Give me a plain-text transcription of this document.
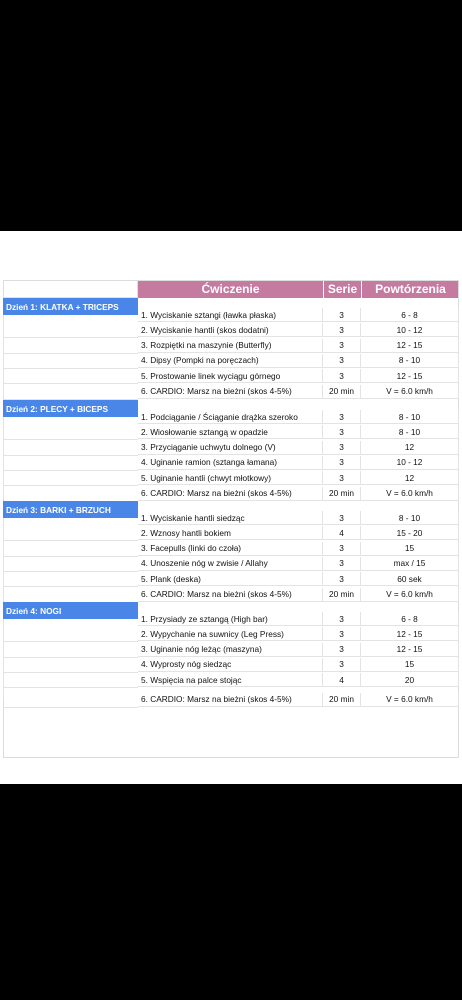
Ćwiczenie	Serie	Powtórzenia
Dzień 1: KLATKA + TRICEPS
1. Wyciskanie sztangi (ławka płaska)	3	6 - 8
2. Wyciskanie hantli (skos dodatni)	3	10 - 12
3. Rozpiętki na maszynie (Butterfly)	3	12 - 15
4. Dipsy (Pompki na poręczach)	3	8 - 10
5. Prostowanie linek wyciągu górnego	3	12 - 15
6. CARDIO: Marsz na bieżni (skos 4-5%)	20 min	V = 6.0 km/h
Dzień 2: PLECY + BICEPS
1. Podciąganie / Ściąganie drążka szeroko	3	8 - 10
2. Wiosłowanie sztangą w opadzie	3	8 - 10
3. Przyciąganie uchwytu dolnego (V)	3	12
4. Uginanie ramion (sztanga łamana)	3	10 - 12
5. Uginanie hantli (chwyt młotkowy)	3	12
6. CARDIO: Marsz na bieżni (skos 4-5%)	20 min	V = 6.0 km/h
Dzień 3: BARKI + BRZUCH
1. Wyciskanie hantli siedząc	3	8 - 10
2. Wznosy hantli bokiem	4	15 - 20
3. Facepulls (linki do czoła)	3	15
4. Unoszenie nóg w zwisie / Allahy	3	max / 15
5. Plank (deska)	3	60 sek
6. CARDIO: Marsz na bieżni (skos 4-5%)	20 min	V = 6.0 km/h
Dzień 4: NOGI
1. Przysiady ze sztangą (High bar)	3	6 - 8
2. Wypychanie na suwnicy (Leg Press)	3	12 - 15
3. Uginanie nóg leżąc (maszyna)	3	12 - 15
4. Wyprosty nóg siedząc	3	15
5. Wspięcia na palce stojąc	4	20
6. CARDIO: Marsz na bieżni (skos 4-5%)	20 min	V = 6.0 km/h
